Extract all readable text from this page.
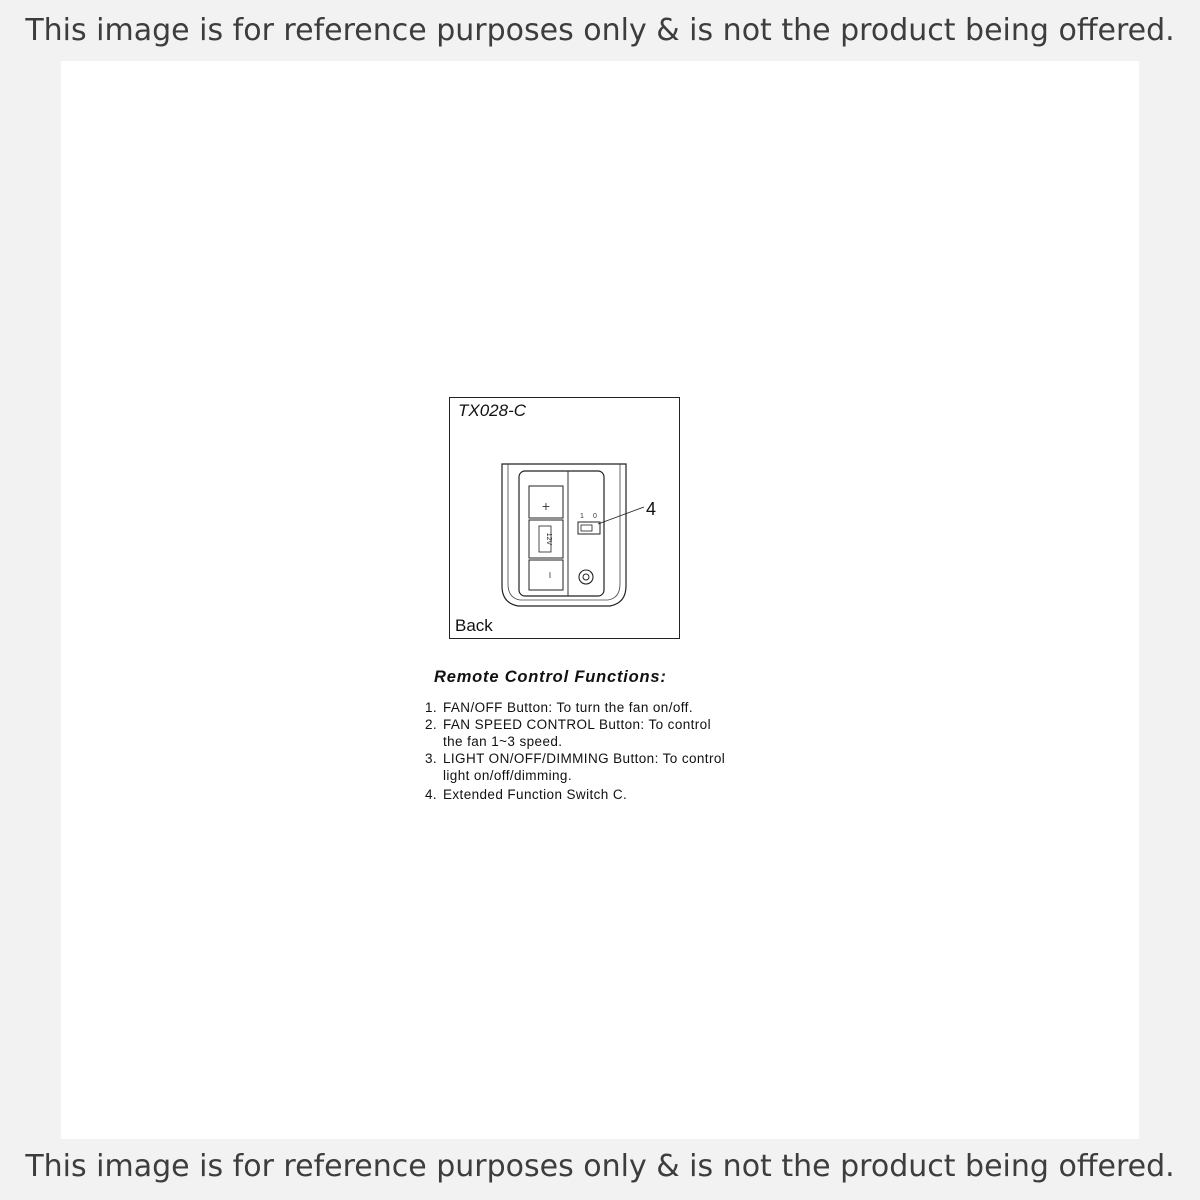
This image is for reference purposes only & is not the product being offered.
TX028-C
+
12V
−
1 0	4
Back
Remote Control Functions:
1. FAN/OFF Button: To turn the fan on/off.
2. FAN SPEED CONTROL Button: To control
the fan 1~3 speed.
3. LIGHT ON/OFF/DIMMING Button: To control
light on/off/dimming.
4. Extended Function Switch C.
This image is for reference purposes only & is not the product being offered.
